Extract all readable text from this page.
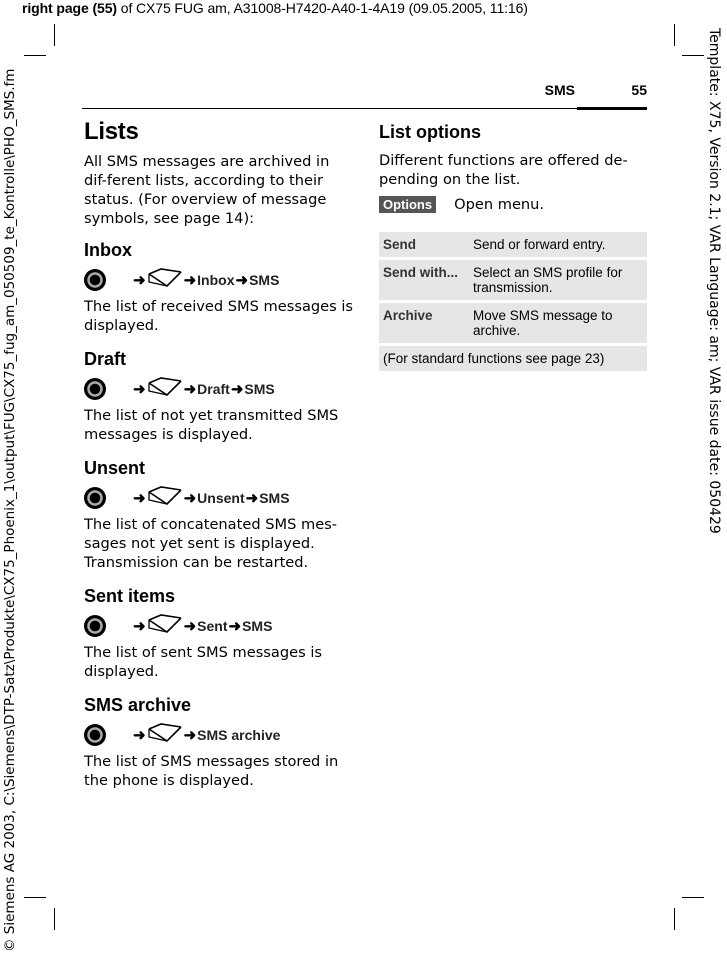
right page (55) of CX75 FUG am, A31008-H7420-A40-1-4A19 (09.05.2005, 11:16)
Template: X75, Version 2.1; VAR Language: am; VAR issue date: 050429
© Siemens AG 2003, C:\Siemens\DTP-Satz\Produkte\CX75_Phoenix_1\output\FUG\CX75_fug_am_050509_te_Kontrolle\PHO_SMS.fm	SMS	55
Lists

All SMS messages are archived in dif-ferent lists, according to their status. (For overview of message symbols, see page 14):

Inbox
➜	➜ Inbox ➜ SMS

The list of received SMS messages is displayed.

Draft
➜	➜ Draft ➜ SMS

The list of not yet transmitted SMS messages is displayed.

Unsent
➜	➜ Unsent ➜ SMS

The list of concatenated SMS mes-sages not yet sent is displayed. Transmission can be restarted.

Sent items
➜	➜ Sent ➜ SMS

The list of sent SMS messages is displayed.

SMS archive
➜	➜ SMS archive

The list of SMS messages stored in the phone is displayed.

List options

Different functions are offered de-pending on the list.

Options Open menu.
Send	Send or forward entry.
Send with...	Select an SMS profile for transmission.
Archive	Move SMS message to archive.
(For standard functions see page 23)	
